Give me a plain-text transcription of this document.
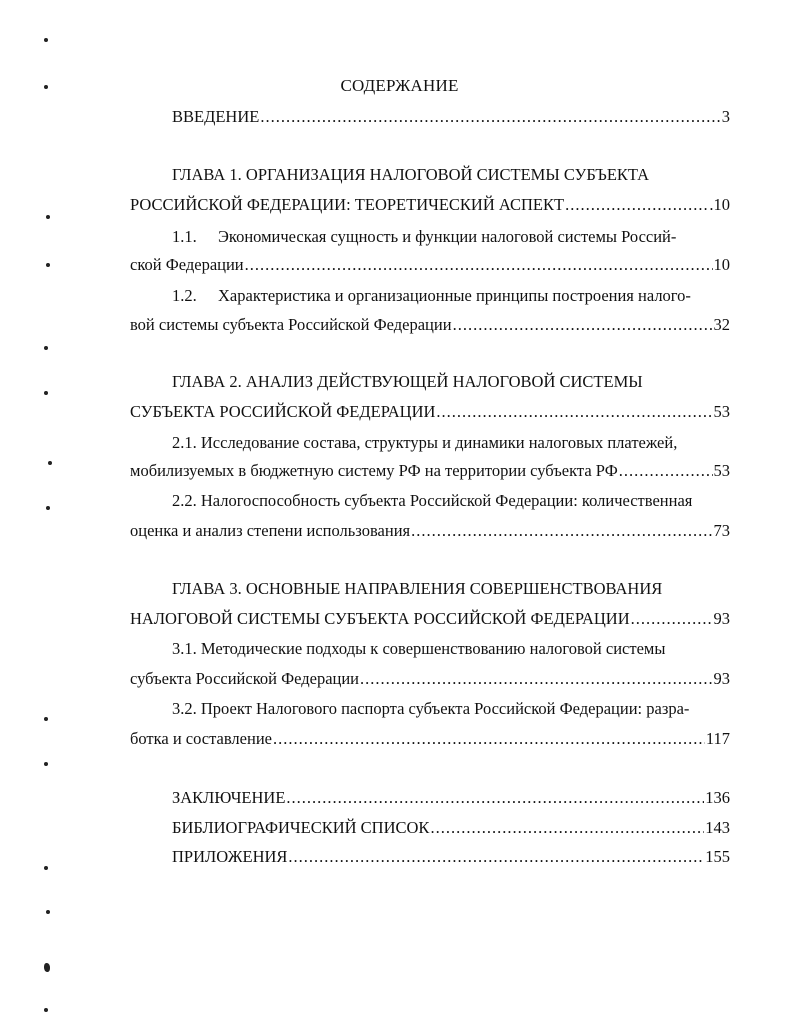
СОДЕРЖАНИЕ
ВВЕДЕНИЕ .....	3
ГЛАВА 1. ОРГАНИЗАЦИЯ НАЛОГОВОЙ СИСТЕМЫ СУБЪЕКТА
РОССИЙСКОЙ ФЕДЕРАЦИИ: ТЕОРЕТИЧЕСКИЙ АСПЕКТ .....	.10
1.1. Экономическая сущность и функции налоговой системы Россий-
ской Федерации .....	10
1.2. Характеристика и организационные принципы построения налого-
вой системы субъекта Российской Федерации .....	32
ГЛАВА 2. АНАЛИЗ ДЕЙСТВУЮЩЕЙ НАЛОГОВОЙ СИСТЕМЫ
СУБЪЕКТА РОССИЙСКОЙ ФЕДЕРАЦИИ .....	53
2.1. Исследование состава, структуры и динамики налоговых платежей,
мобилизуемых в бюджетную систему РФ на территории субъекта РФ .....	53
2.2. Налогоспособность субъекта Российской Федерации: количественная
оценка и анализ степени использования .....	73
ГЛАВА 3. ОСНОВНЫЕ НАПРАВЛЕНИЯ СОВЕРШЕНСТВОВАНИЯ
НАЛОГОВОЙ СИСТЕМЫ СУБЪЕКТА РОССИЙСКОЙ ФЕДЕРАЦИИ .....	93
3.1. Методические подходы к совершенствованию налоговой системы
субъекта Российской Федерации .....	93
3.2. Проект Налогового паспорта субъекта Российской Федерации: разра-
ботка и составление .....	117
ЗАКЛЮЧЕНИЕ .....	136
БИБЛИОГРАФИЧЕСКИЙ СПИСОК .....	143
ПРИЛОЖЕНИЯ .....	155
